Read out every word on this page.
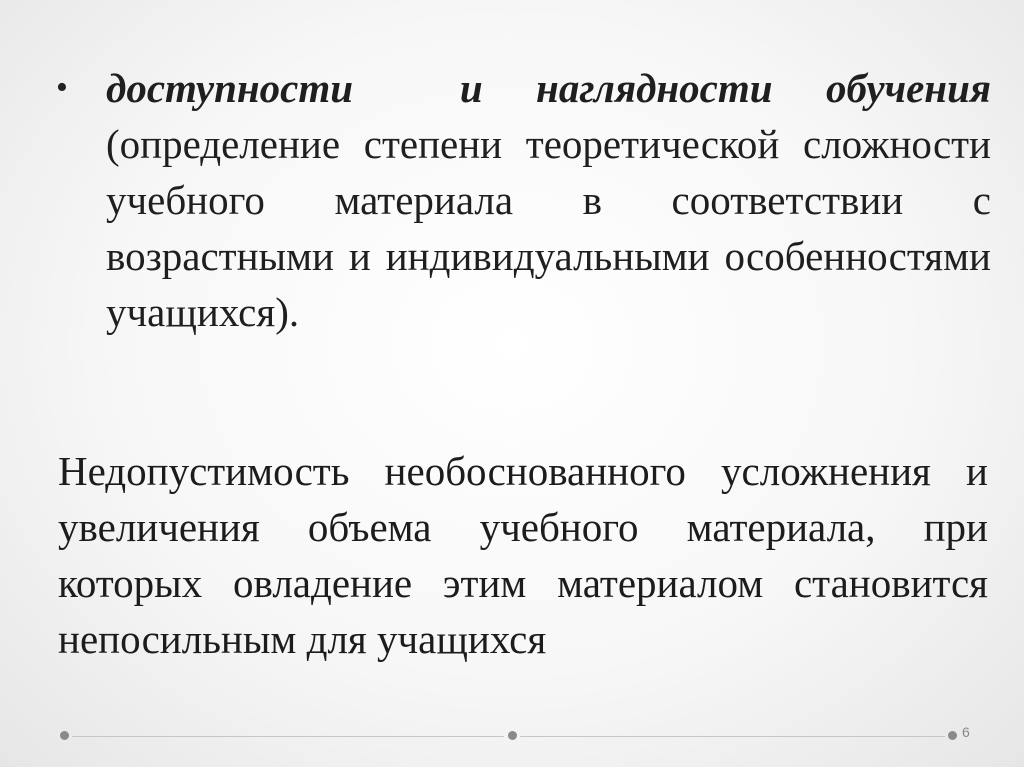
• доступности  и наглядности обучения (определение степени теоретической сложности учебного материала в соответствии с возрастными и индивидуальными особенностями учащихся).
Недопустимость необоснованного усложнения и увеличения объема учебного материала, при которых овладение этим материалом становится непосильным для учащихся
6
